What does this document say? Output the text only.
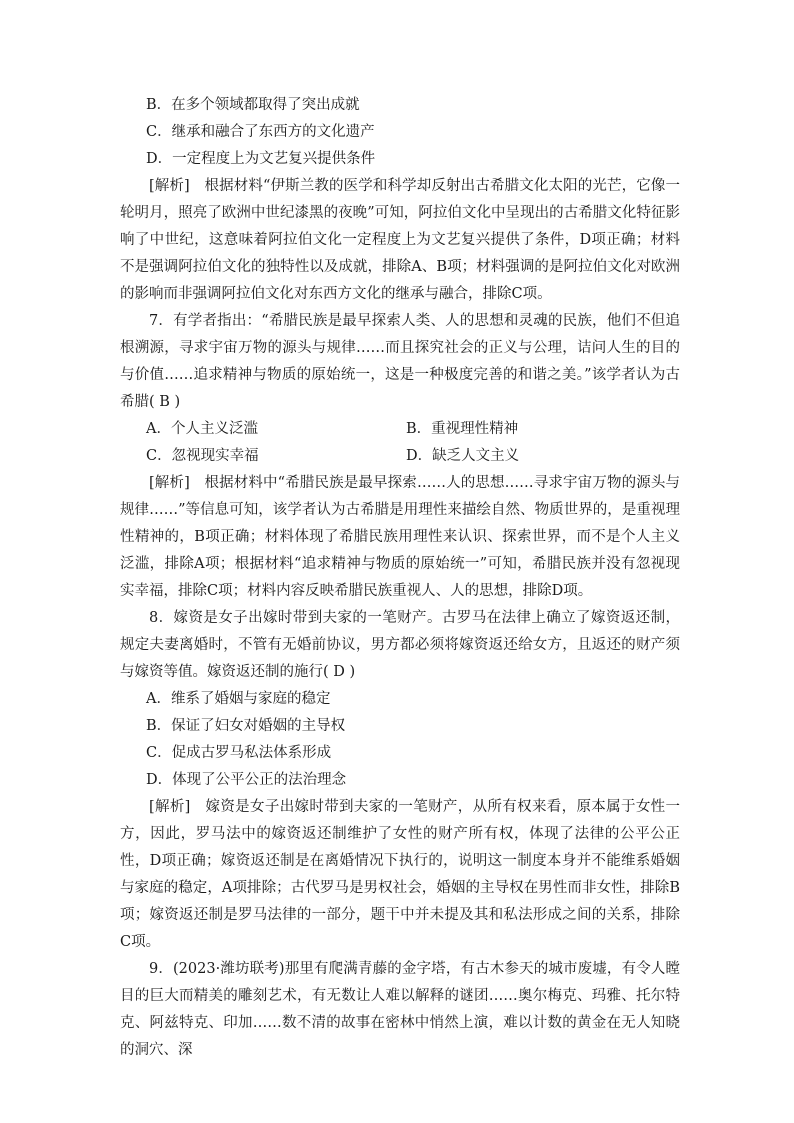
B．在多个领域都取得了突出成就
C．继承和融合了东西方的文化遗产
D．一定程度上为文艺复兴提供条件

[解析]　根据材料“伊斯兰教的医学和科学却反射出古希腊文化太阳的光芒，它像一轮明月，照亮了欧洲中世纪漆黑的夜晚”可知，阿拉伯文化中呈现出的古希腊文化特征影响了中世纪，这意味着阿拉伯文化一定程度上为文艺复兴提供了条件，D项正确；材料不是强调阿拉伯文化的独特性以及成就，排除A、B项；材料强调的是阿拉伯文化对欧洲的影响而非强调阿拉伯文化对东西方文化的继承与融合，排除C项。

7．有学者指出：“希腊民族是最早探索人类、人的思想和灵魂的民族，他们不但追根溯源，寻求宇宙万物的源头与规律……而且探究社会的正义与公理，诘问人生的目的与价值……追求精神与物质的原始统一，这是一种极度完善的和谐之美。”该学者认为古希腊( B )

A．个人主义泛滥	B．重视理性精神
C．忽视现实幸福	D．缺乏人文主义

[解析]　根据材料中“希腊民族是最早探索……人的思想……寻求宇宙万物的源头与规律……”等信息可知，该学者认为古希腊是用理性来描绘自然、物质世界的，是重视理性精神的，B项正确；材料体现了希腊民族用理性来认识、探索世界，而不是个人主义泛滥，排除A项；根据材料“追求精神与物质的原始统一”可知，希腊民族并没有忽视现实幸福，排除C项；材料内容反映希腊民族重视人、人的思想，排除D项。

8．嫁资是女子出嫁时带到夫家的一笔财产。古罗马在法律上确立了嫁资返还制，规定夫妻离婚时，不管有无婚前协议，男方都必须将嫁资返还给女方，且返还的财产须与嫁资等值。嫁资返还制的施行( D )

A．维系了婚姻与家庭的稳定
B．保证了妇女对婚姻的主导权
C．促成古罗马私法体系形成
D．体现了公平公正的法治理念

[解析]　嫁资是女子出嫁时带到夫家的一笔财产，从所有权来看，原本属于女性一方，因此，罗马法中的嫁资返还制维护了女性的财产所有权，体现了法律的公平公正性，D项正确；嫁资返还制是在离婚情况下执行的，说明这一制度本身并不能维系婚姻与家庭的稳定，A项排除；古代罗马是男权社会，婚姻的主导权在男性而非女性，排除B项；嫁资返还制是罗马法律的一部分，题干中并未提及其和私法形成之间的关系，排除C项。

9．(2023·潍坊联考)那里有爬满青藤的金字塔，有古木参天的城市废墟，有令人瞠目的巨大而精美的雕刻艺术，有无数让人难以解释的谜团……奥尔梅克、玛雅、托尔特克、阿兹特克、印加……数不清的故事在密林中悄然上演，难以计数的黄金在无人知晓的洞穴、深
